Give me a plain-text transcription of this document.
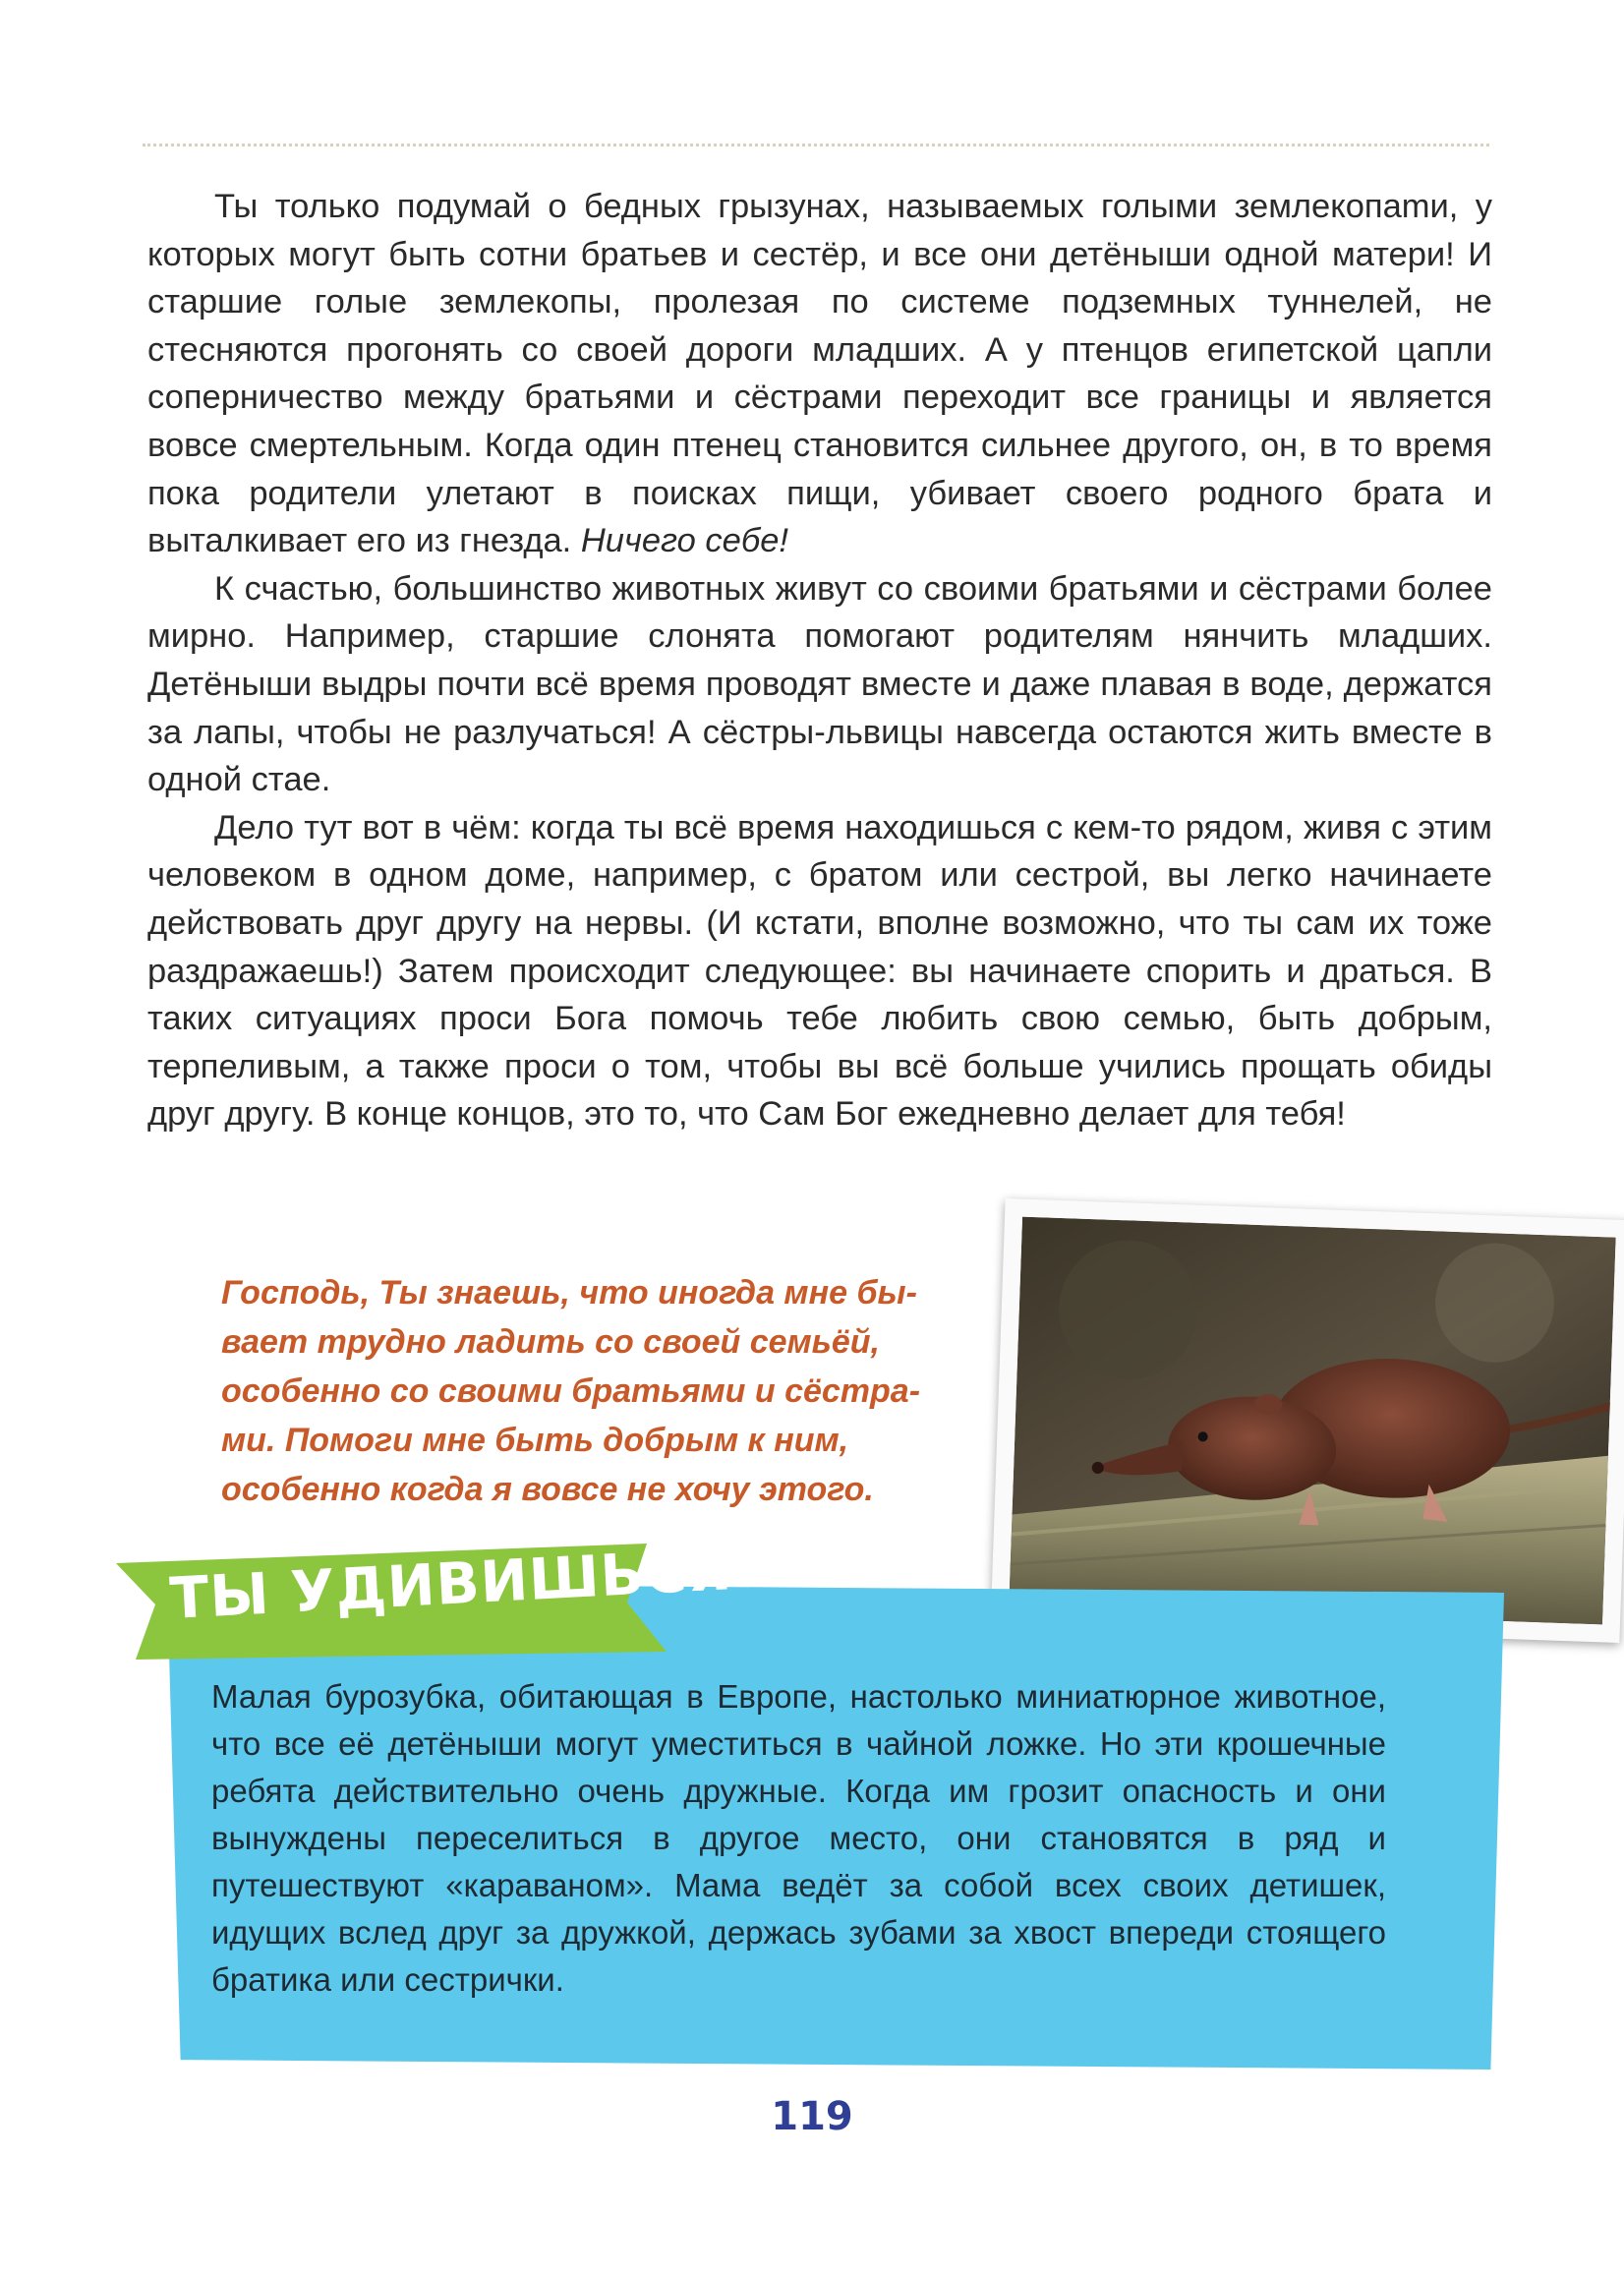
Ты только подумай о бедных грызунах, называемых голыми землекопаmи, у которых могут быть сотни братьев и сестёр, и все они детёныши одной матери! И старшие голые землекопы, пролезая по системе подземных туннелей, не стесняются прогонять со своей дороги младших. А у птенцов египетской цапли соперничество между братьями и сёстрами переходит все границы и является вовсе смертельным. Когда один птенец становится сильнее другого, он, в то время пока родители улетают в поисках пищи, убивает своего родного брата и выталкивает его из гнезда. Ничего себе!

К счастью, большинство животных живут со своими братьями и сёстрами более мирно. Например, старшие слонята помогают родителям нянчить младших. Детёныши выдры почти всё время проводят вместе и даже плавая в воде, держатся за лапы, чтобы не разлучаться! А сёстры-львицы навсегда остаются жить вместе в одной стае.

Дело тут вот в чём: когда ты всё время находишься с кем-то рядом, живя с этим человеком в одном доме, например, с братом или сестрой, вы легко начинаете действовать друг другу на нервы. (И кстати, вполне возможно, что ты сам их тоже раздражаешь!) Затем происходит следующее: вы начинаете спорить и драться. В таких ситуациях проси Бога помочь тебе любить свою семью, быть добрым, терпеливым, а также проси о том, чтобы вы всё больше учились прощать обиды друг другу. В конце концов, это то, что Сам Бог ежедневно делает для тебя!

Господь, Ты знаешь, что иногда мне бывает трудно ладить со своей семьёй, особенно со своими братьями и сёстрами. Помоги мне быть добрым к ним, особенно когда я вовсе не хочу этого.
ТЫ УДИВИШЬСЯ
Малая бурозубка, обитающая в Европе, настолько миниатюрное животное, что все её детёныши могут уместиться в чайной ложке. Но эти крошечные ребята действительно очень дружные. Когда им грозит опасность и они вынуждены переселиться в другое место, они становятся в ряд и путешествуют «караваном». Мама ведёт за собой всех своих детишек, идущих вслед друг за дружкой, держась зубами за хвост впереди стоящего братика или сестрички.
119
